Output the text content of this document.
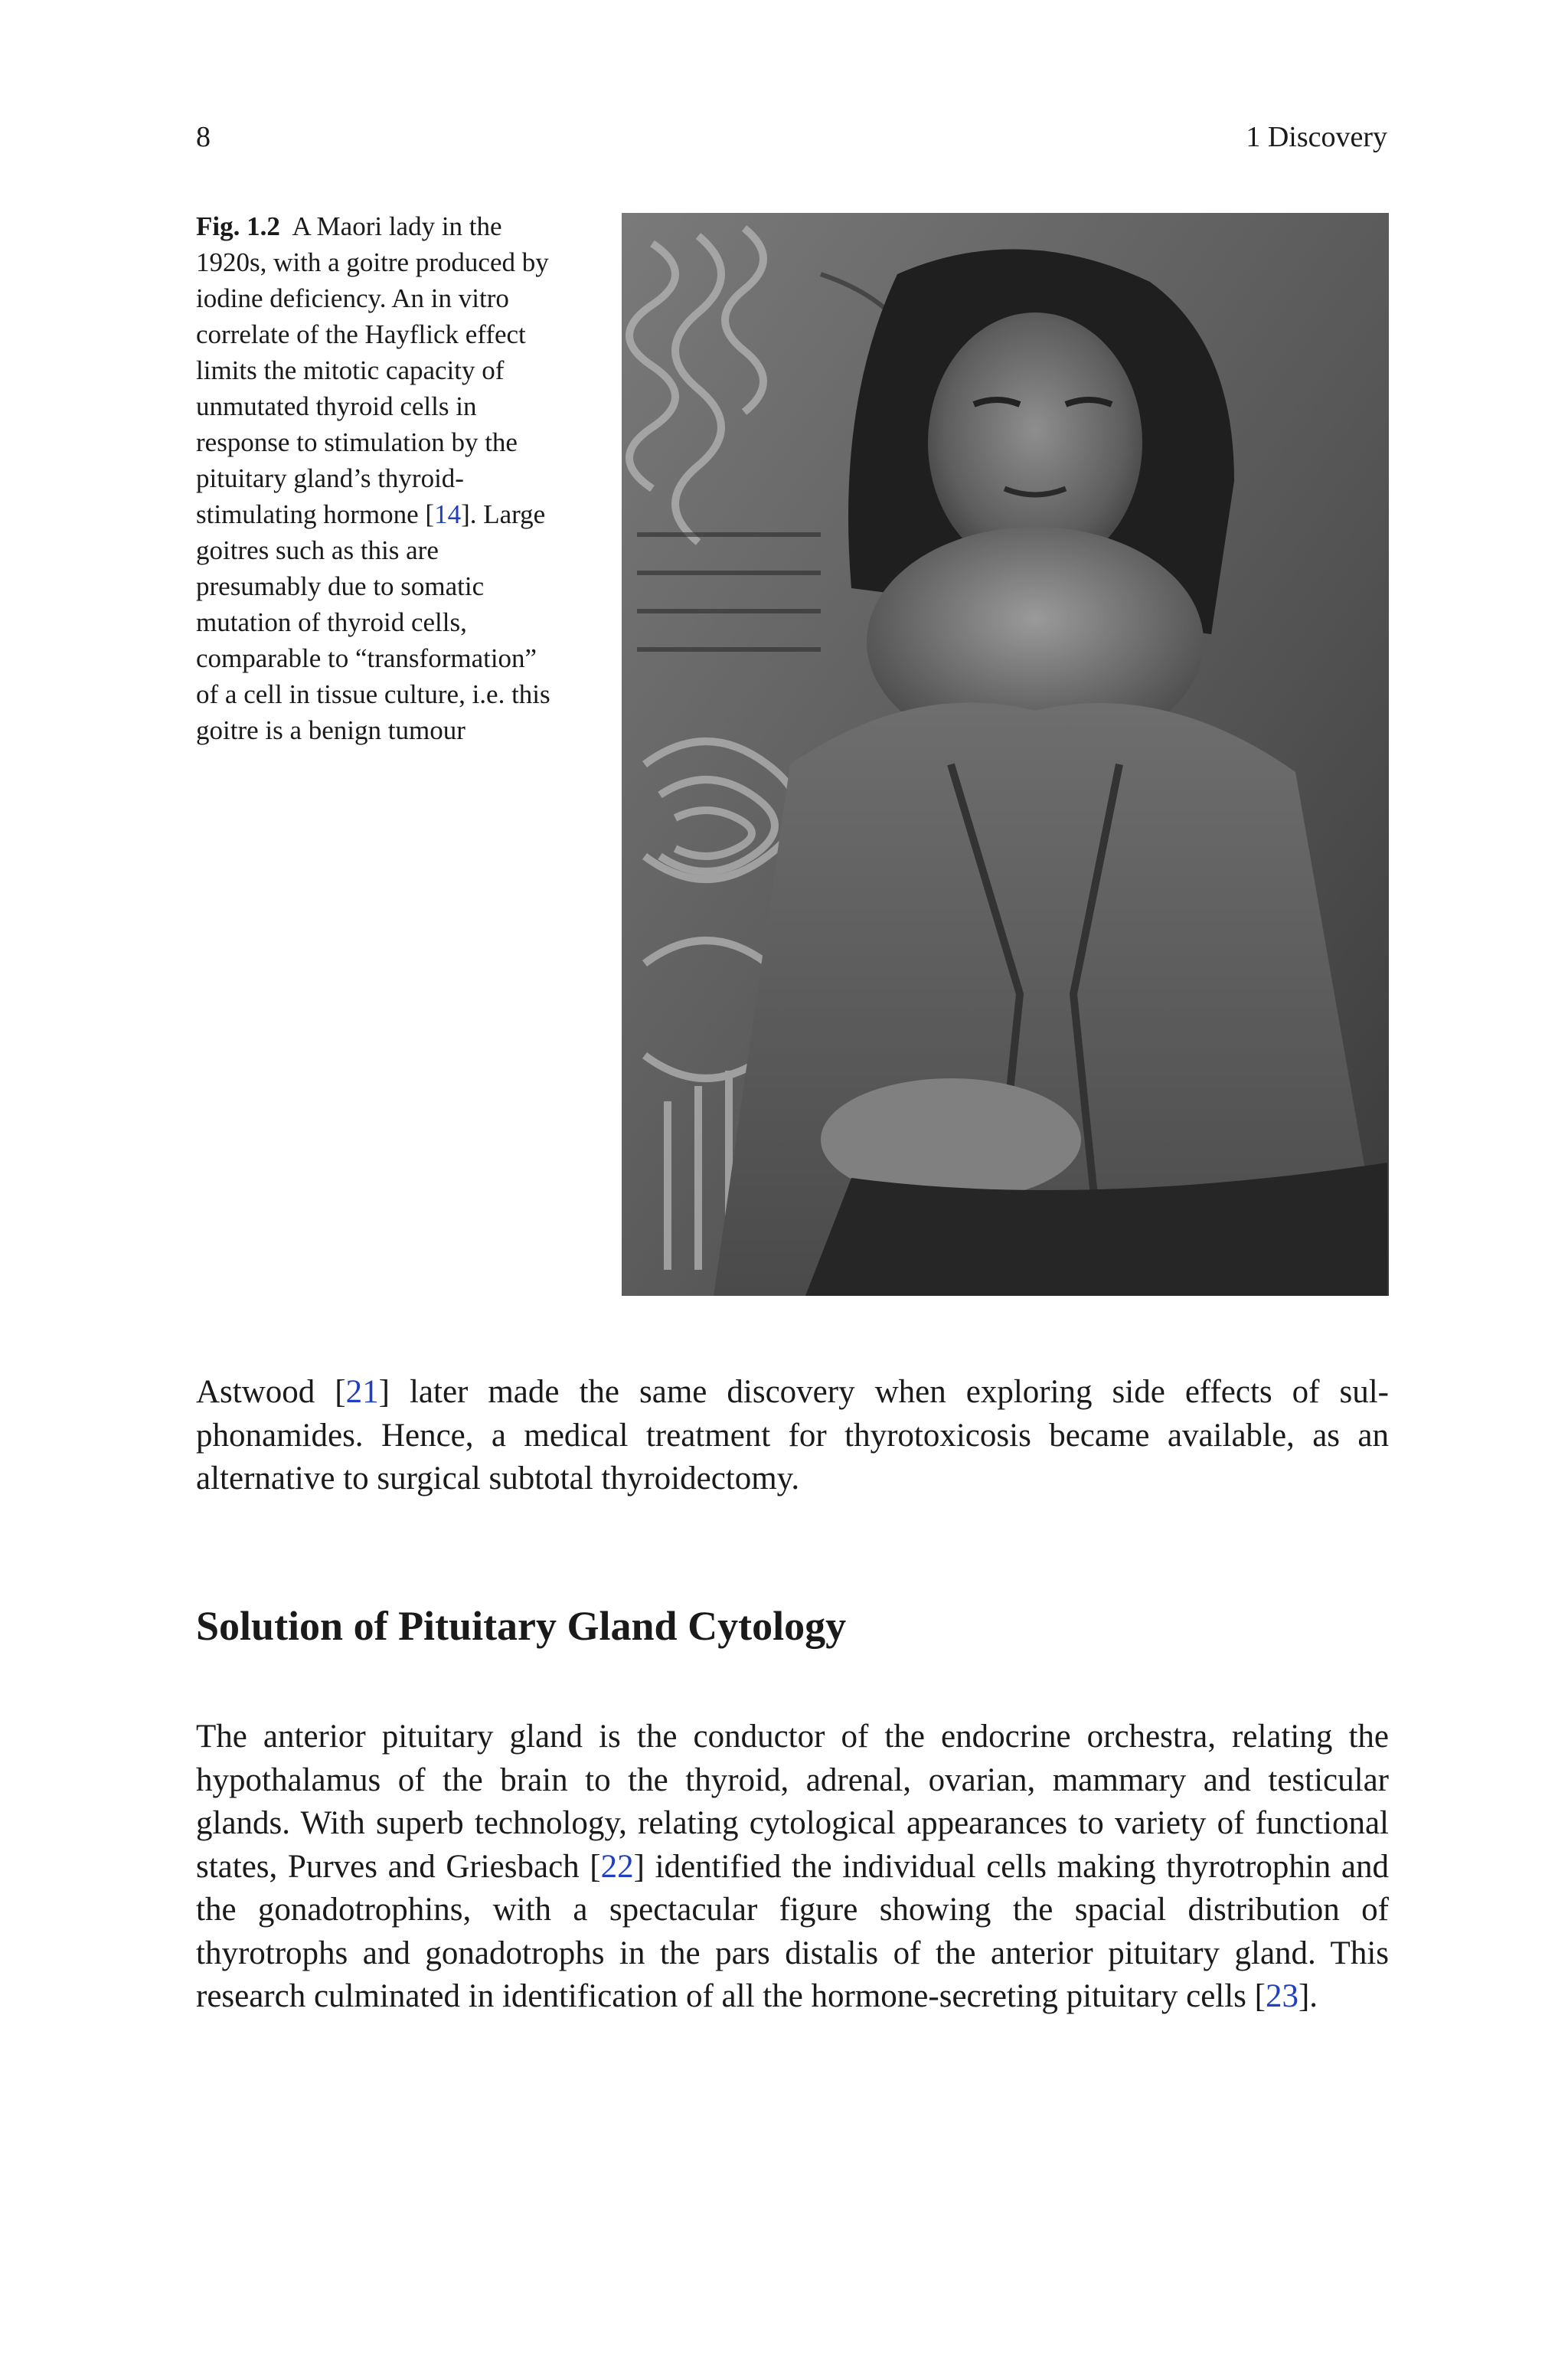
8	1 Discovery
Fig. 1.2 A Maori lady in the 1920s, with a goitre produced by iodine deficiency. An in vitro correlate of the Hayflick effect limits the mitotic capacity of unmutated thyroid cells in response to stimulation by the pituitary gland’s thyroid-stimulating hormone [14]. Large goitres such as this are presumably due to somatic mutation of thyroid cells, comparable to “transformation” of a cell in tissue culture, i.e. this goitre is a benign tumour
Astwood [21] later made the same discovery when exploring side effects of sulphonamides. Hence, a medical treatment for thyrotoxicosis became available, as an alternative to surgical subtotal thyroidectomy.
Solution of Pituitary Gland Cytology
The anterior pituitary gland is the conductor of the endocrine orchestra, relating the hypothalamus of the brain to the thyroid, adrenal, ovarian, mammary and testicular glands. With superb technology, relating cytological appearances to variety of functional states, Purves and Griesbach [22] identified the individual cells making thyrotrophin and the gonadotrophins, with a spectacular figure showing the spacial distribution of thyrotrophs and gonadotrophs in the pars distalis of the anterior pituitary gland. This research culminated in identification of all the hormone-secreting pituitary cells [23].
